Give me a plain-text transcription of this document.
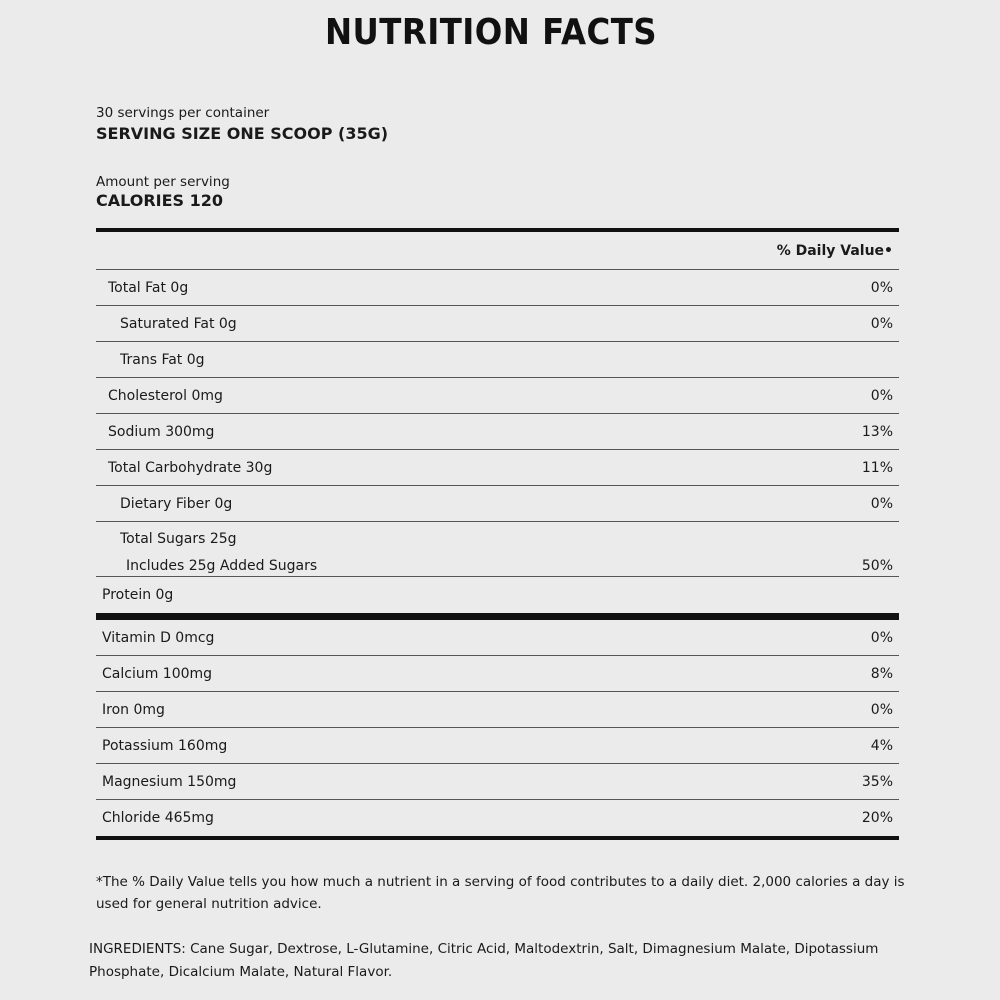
NUTRITION FACTS
30 servings per container
SERVING SIZE ONE SCOOP (35G)
Amount per serving
CALORIES 120
% Daily Value•
Total Fat 0g	0%
Saturated Fat 0g	0%
Trans Fat 0g
Cholesterol 0mg	0%
Sodium 300mg	13%
Total Carbohydrate 30g	11%
Dietary Fiber 0g	0%
Total Sugars 25g
Includes 25g Added Sugars	50%
Protein 0g
Vitamin D 0mcg	0%
Calcium 100mg	8%
Iron 0mg	0%
Potassium 160mg	4%
Magnesium 150mg	35%
Chloride 465mg	20%
*The % Daily Value tells you how much a nutrient in a serving of food contributes to a daily diet. 2,000 calories a day is used for general nutrition advice.
INGREDIENTS: Cane Sugar, Dextrose, L-Glutamine, Citric Acid, Maltodextrin, Salt, Dimagnesium Malate, Dipotassium Phosphate, Dicalcium Malate, Natural Flavor.
